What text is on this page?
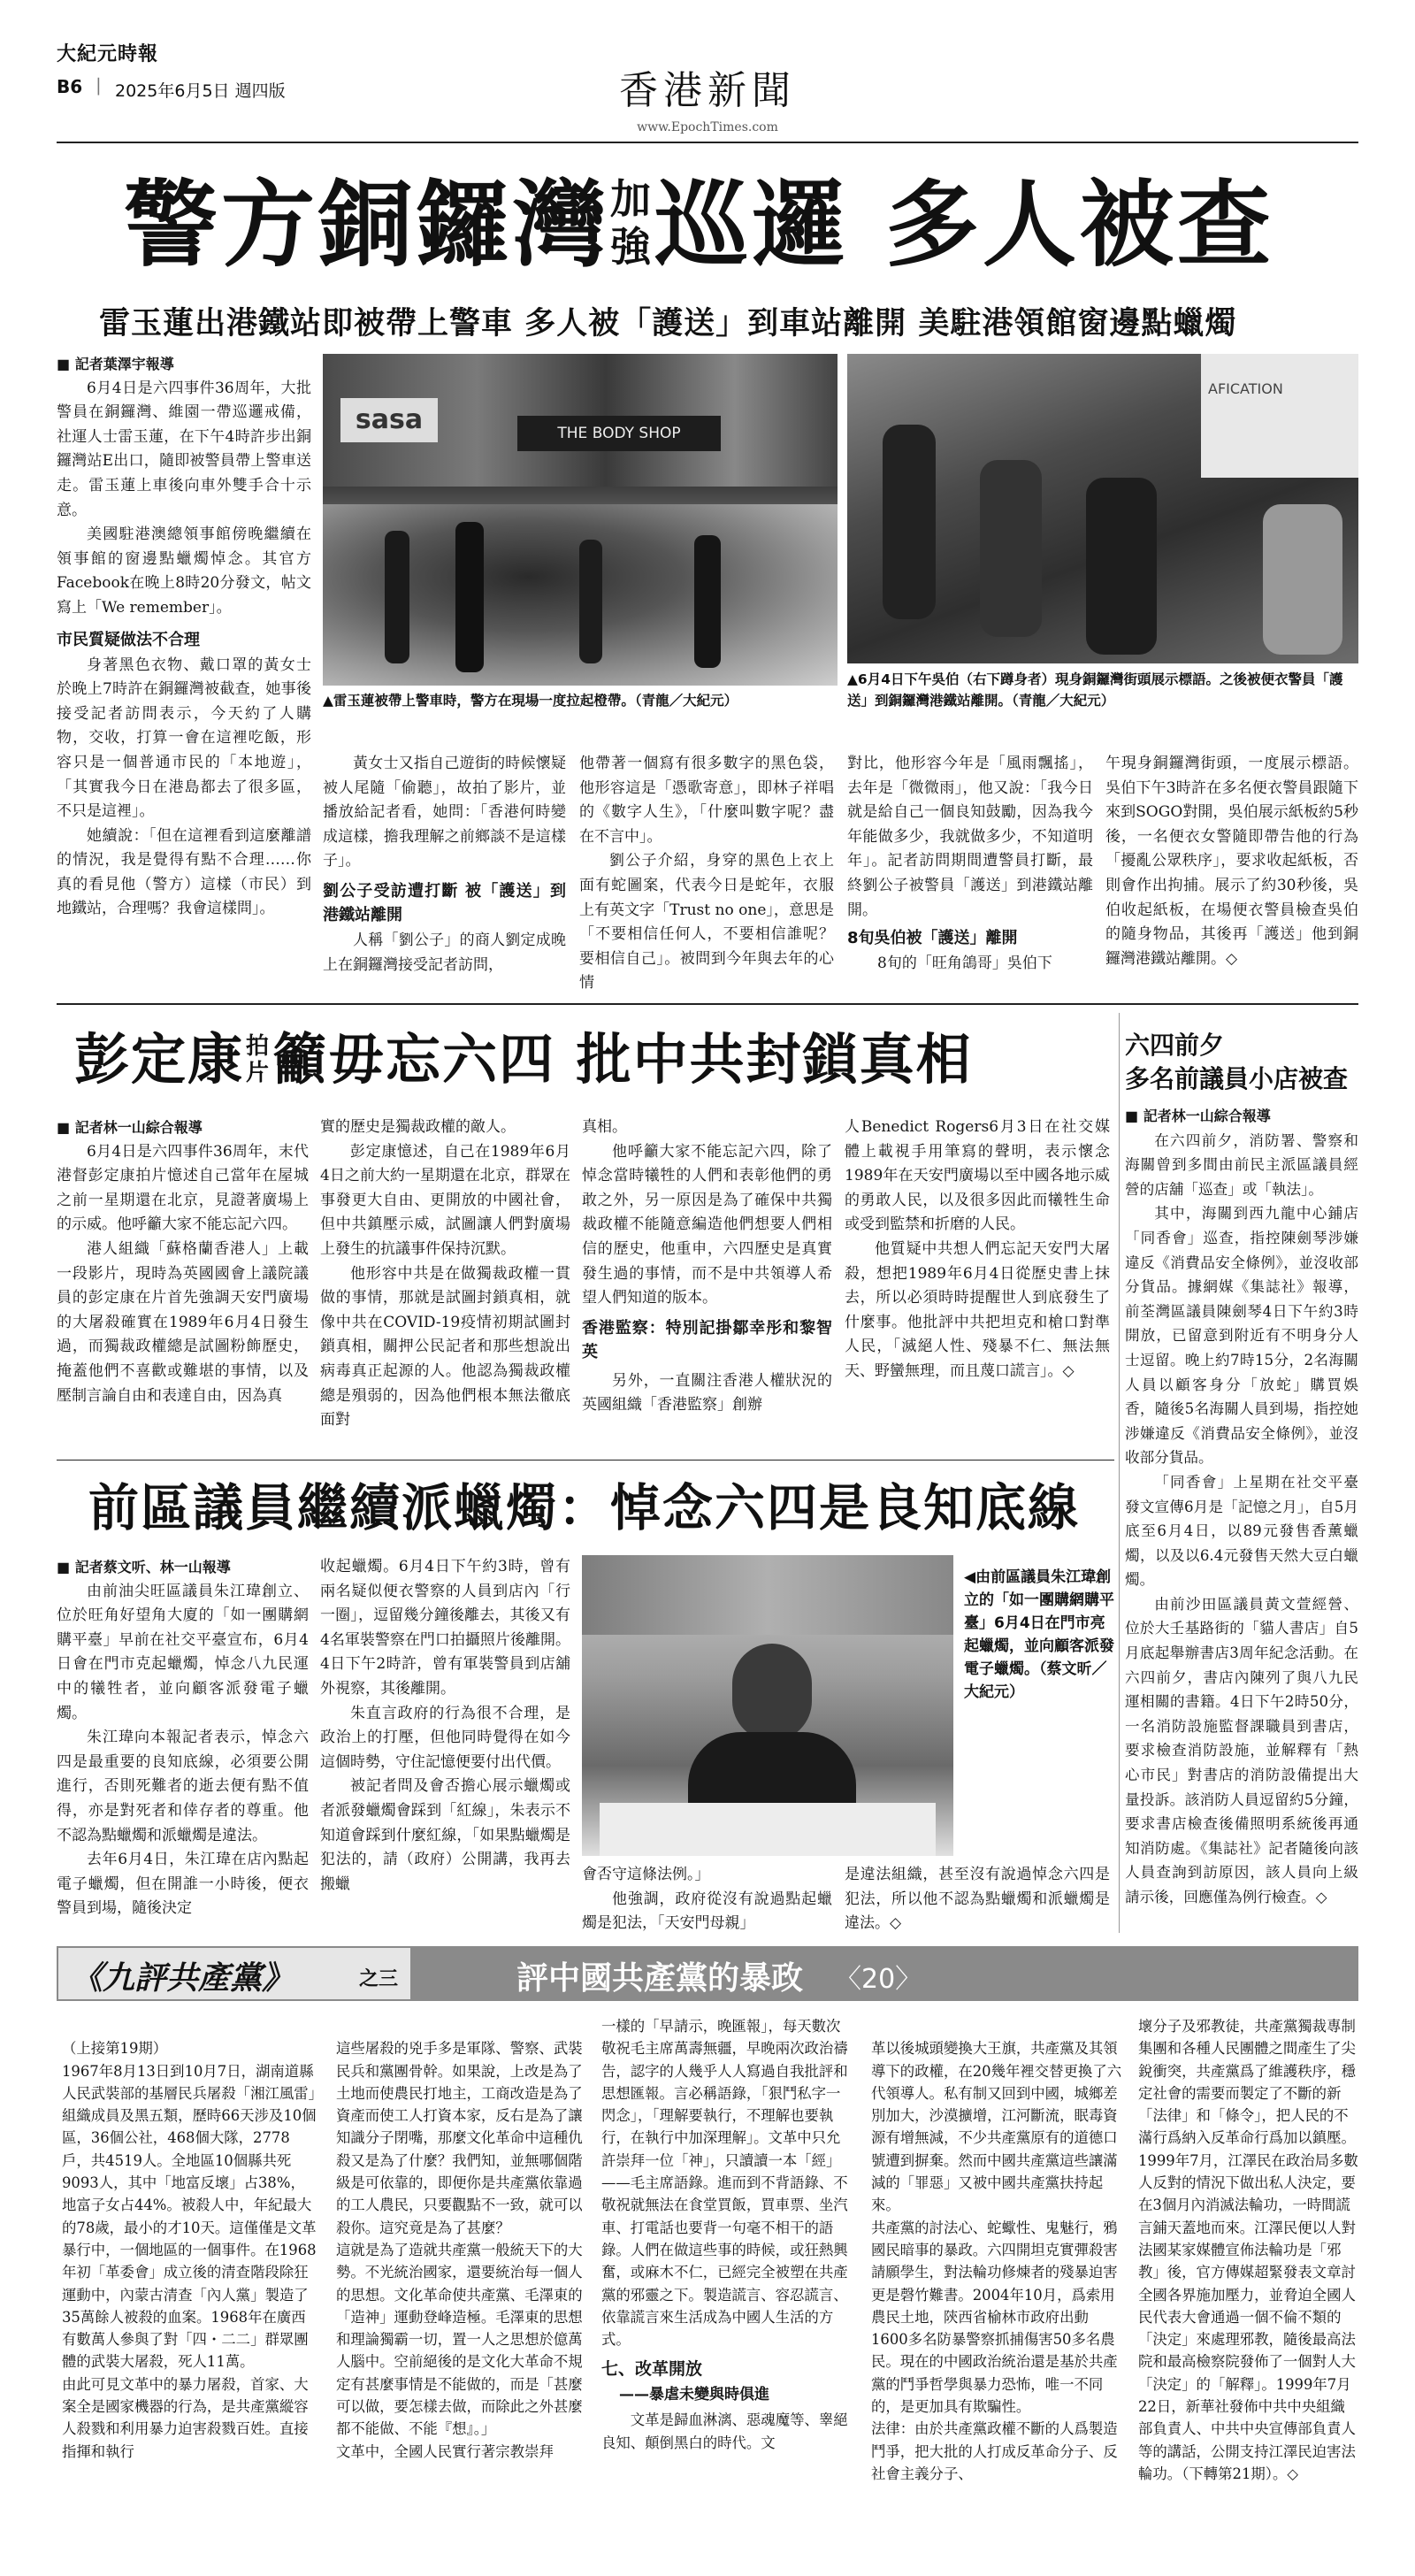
大紀元時報
B6 | 2025年6月5日 週四版	香港新聞
www.EpochTimes.com
警方銅鑼灣加
強巡邏 多人被查
雷玉蓮出港鐵站即被帶上警車 多人被「護送」到車站離開 美駐港領館窗邊點蠟燭
■ 記者葉澤宇報導

6月4日是六四事件36周年，大批警員在銅鑼灣、維園一帶巡邏戒備，社運人士雷玉蓮，在下午4時許步出銅鑼灣站E出口，隨即被警員帶上警車送走。雷玉蓮上車後向車外雙手合十示意。

美國駐港澳總領事館傍晚繼續在領事館的窗邊點蠟燭悼念。其官方Facebook在晚上8時20分發文，帖文寫上「We remember」。

市民質疑做法不合理

身著黑色衣物、戴口罩的黃女士於晚上7時許在銅鑼灣被截查，她事後接受記者訪問表示，今天約了人購物，交收，打算一會在這裡吃飯，形容只是一個普通市民的「本地遊」，「其實我今日在港島都去了很多區，不只是這裡」。

她續說：「但在這裡看到這麼離譜的情況，我是覺得有點不合理……你真的看見他（警方）這樣（市民）到地鐵站，合理嗎？我會這樣問」。

sasa	THE BODY SHOP
▲雷玉蓮被帶上警車時，警方在現場一度拉起橙帶。（青龍／大紀元）
AFICATION
▲6月4日下午吳伯（右下蹲身者）現身銅鑼灣街頭展示標語。之後被便衣警員「護送」到銅鑼灣港鐵站離開。（青龍／大紀元）

黃女士又指自己遊街的時候懷疑被人尾隨「偷聽」，故拍了影片，並播放給記者看，她問：「香港何時變成這樣，擔我理解之前鄉談不是這樣子」。

劉公子受訪遭打斷 被「護送」到港鐵站離開

人稱「劉公子」的商人劉定成晚上在銅鑼灣接受記者訪問，

他帶著一個寫有很多數字的黑色袋，他形容這是「憑歌寄意」，即林子祥唱的《數字人生》，「什麼叫數字呢？盡在不言中」。

劉公子介紹，身穿的黑色上衣上面有蛇圖案，代表今日是蛇年，衣服上有英文字「Trust no one」，意思是「不要相信任何人，不要相信誰呢？要相信自己」。被問到今年與去年的心情

對比，他形容今年是「風雨飄搖」，去年是「微微雨」，他又說：「我今日就是給自己一個良知鼓勵，因為我今年能做多少，我就做多少，不知道明年」。記者訪問期間遭警員打斷，最終劉公子被警員「護送」到港鐵站離開。

8旬吳伯被「護送」離開

8旬的「旺角鴿哥」吳伯下

午現身銅鑼灣街頭，一度展示標語。吳伯下午3時許在多名便衣警員跟隨下來到SOGO對開，吳伯展示紙板約5秒後，一名便衣女警隨即帶告他的行為「擾亂公眾秩序」，要求收起紙板，否則會作出拘捕。展示了約30秒後，吳伯收起紙板，在場便衣警員檢查吳伯的隨身物品，其後再「護送」他到銅鑼灣港鐵站離開。◇

彭定康拍
片籲毋忘六四 批中共封鎖真相
■ 記者林一山綜合報導

6月4日是六四事件36周年，末代港督彭定康拍片憶述自己當年在屋城之前一星期還在北京，見證著廣場上的示威。他呼籲大家不能忘記六四。

港人組織「蘇格蘭香港人」上載一段影片，現時為英國國會上議院議員的彭定康在片首先強調天安門廣場的大屠殺確實在1989年6月4日發生過，而獨裁政權總是試圖粉飾歷史，掩蓋他們不喜歡或難堪的事情，以及壓制言論自由和表達自由，因為真

實的歷史是獨裁政權的敵人。

彭定康憶述，自己在1989年6月4日之前大約一星期還在北京，群眾在事發更大自由、更開放的中國社會，但中共鎮壓示威，試圖讓人們對廣場上發生的抗議事件保持沉默。

他形容中共是在做獨裁政權一貫做的事情，那就是試圖封鎖真相，就像中共在COVID-19疫情初期試圖封鎖真相，關押公民記者和那些想說出病毒真正起源的人。他認為獨裁政權總是殞弱的，因為他們根本無法徹底面對

真相。

他呼籲大家不能忘記六四，除了悼念當時犧牲的人們和表彰他們的勇敢之外，另一原因是為了確保中共獨裁政權不能隨意編造他們想要人們相信的歷史，他重申，六四歷史是真實發生過的事情，而不是中共領導人希望人們知道的版本。

香港監察：特別記掛鄒幸彤和黎智英

另外，一直關注香港人權狀況的英國組織「香港監察」創辦

人Benedict Rogers6月3日在社交媒體上載視手用筆寫的聲明，表示懷念1989年在天安門廣場以至中國各地示威的勇敢人民，以及很多因此而犧牲生命或受到監禁和折磨的人民。

他質疑中共想人們忘記天安門大屠殺，想把1989年6月4日從歷史書上抹去，所以必須時時提醒世人到底發生了什麼事。他批評中共把坦克和槍口對準人民，「滅絕人性、殘暴不仁、無法無天、野蠻無理，而且蔑口謊言」。◇

前區議員繼續派蠟燭：悼念六四是良知底線
■ 記者蔡文听、林一山報導

由前油尖旺區議員朱江瑋創立、位於旺角好望角大廈的「如一團購網購平臺」早前在社交平臺宣布，6月4日會在門市克起蠟燭，悼念八九民運中的犧牲者，並向顧客派發電子蠟燭。

朱江瑋向本報記者表示，悼念六四是最重要的良知底線，必須要公開進行，否則死難者的逝去便有點不值得，亦是對死者和倖存者的尊重。他不認為點蠟燭和派蠟燭是違法。

去年6月4日，朱江瑋在店內點起電子蠟燭，但在開誰一小時後，便衣警員到場，隨後決定

收起蠟燭。6月4日下午約3時，曾有兩名疑似便衣警察的人員到店內「行一圈」，逗留幾分鐘後離去，其後又有4名軍裝警察在門口拍攝照片後離開。4日下午2時許，曾有軍裝警員到店舖外視察，其後離開。

朱直言政府的行為很不合理，是政治上的打壓，但他同時覺得在如今這個時勢，守住記憶便要付出代價。

被記者問及會否擔心展示蠟燭或者派發蠟燭會踩到「紅線」，朱表示不知道會踩到什麼紅線，「如果點蠟燭是犯法的，請（政府）公開講，我再去搬蠟

◀由前區議員朱江瑋創立的「如一團購網購平臺」6月4日在門市亮起蠟燭，並向顧客派發電子蠟燭。（蔡文昕／大紀元）

會否守這條法例。」

他強調，政府從沒有說過點起蠟燭是犯法，「天安門母親」

是違法組織，甚至沒有說過悼念六四是犯法，所以他不認為點蠟燭和派蠟燭是違法。◇

六四前夕
多名前議員小店被查
■ 記者林一山綜合報導

在六四前夕，消防署、警察和海關曾到多間由前民主派區議員經營的店舖「巡查」或「執法」。

其中，海關到西九龍中心鋪店「同香會」巡查，指控陳劍琴涉嫌違反《消費品安全條例》，並沒收部分貨品。據網媒《集誌社》報導，前荃灣區議員陳劍琴4日下午約3時開放，已留意到附近有不明身分人士逗留。晚上約7時15分，2名海關人員以顧客身分「放蛇」購買娛香，隨後5名海關人員到場，指控她涉嫌違反《消費品安全條例》，並沒收部分貨品。

「同香會」上星期在社交平臺發文宣傳6月是「記憶之月」，自5月底至6月4日，以89元發售香薰蠟燭，以及以6.4元發售天然大豆白蠟燭。

由前沙田區議員黃文萱經營、位於大壬基路街的「貓人書店」自5月底起舉辦書店3周年紀念活動。在六四前夕，書店內陳列了與八九民運相關的書籍。4日下午2時50分，一名消防設施監督課職員到書店，要求檢查消防設施，並解釋有「熱心市民」對書店的消防設備提出大量投訴。該消防人員逗留約5分鐘，要求書店檢查後備照明系統後再通知消防處。《集誌社》記者隨後向該人員查詢到訪原因，該人員向上級請示後，回應僅為例行檢查。◇

《九評共產黨》	之三	評中國共產黨的暴政 〈20〉

（上接第19期）
1967年8月13日到10月7日，湖南道縣人民武裝部的基層民兵屠殺「湘江風雷」組織成員及黑五類，歷時66天涉及10個區，36個公社，468個大隊，2778戶，共4519人。全地區10個縣共死9093人，其中「地富反壞」占38%，地富子女占44%。被殺人中，年紀最大的78歲，最小的才10天。這僅僅是文革暴行中，一個地區的一個事件。在1968年初「革委會」成立後的清查階段除狂運動中，內蒙古清查「內人黨」製造了35萬餘人被殺的血案。1968年在廣西有數萬人參與了對「四・二二」群眾團體的武裝大屠殺，死人11萬。
由此可見文革中的暴力屠殺，首家、大案全是國家機器的行為，是共產黨縱容人殺戮和利用暴力迫害殺戮百姓。直接指揮和執行

這些屠殺的兇手多是軍隊、警察、武裝民兵和黨團骨幹。如果說，上改是為了土地而使農民打地主，工商改造是為了資產而使工人打資本家，反右是為了讓知識分子閉嘴，那麼文化革命中這種仇殺又是為了什麼？我們知，並無哪個階級是可依靠的，即便你是共產黨依靠過的工人農民，只要觀點不一致，就可以殺你。這究竟是為了甚麼？
這就是為了造就共產黨一般統天下的大勢。不光統治國家，還要統治每一個人的思想。文化革命使共產黨、毛澤東的「造神」運動登峰造極。毛澤東的思想和理論獨霸一切，置一人之思想於億萬人腦中。空前絕後的是文化大革命不規定有甚麼事情是不能做的，而是「甚麼可以做，要怎樣去做，而除此之外甚麼都不能做、不能『想』。」
文革中，全國人民實行著宗教崇拜

一樣的「早請示，晚匯報」，每天數次敬祝毛主席萬壽無疆，早晚兩次政治禱告，認字的人幾乎人人寫過自我批評和思想匯報。言必稱語錄，「狠鬥私字一閃念」，「理解要執行，不理解也要執行，在執行中加深理解」。文革中只允許崇拜一位「神」，只讀讀一本「經」——毛主席語錄。進而到不背語錄、不敬祝就無法在食堂買飯，買車票、坐汽車、打電話也要背一句毫不相干的語錄。人們在做這些事的時候，或狂熱興奮，或麻木不仁，已經完全被塑在共產黨的邪靈之下。製造謊言、容忍謊言、依靠謊言來生活成為中國人生活的方式。
七、改革開放
——暴虐未變與時俱進
文革是歸血淋漓、惡魂魔等、睾絕良知、顛倒黑白的時代。文

革以後城頭變換大王旗，共產黨及其領導下的政權，在20幾年裡交替更換了六代領導人。私有制又回到中國，城鄉差別加大，沙漠擴增，江河斷流，眠毒資源有增無減，不少共產黨原有的道德口號遭到摒棄。然而中國共產黨這些讓滿減的「罪惡」又被中國共產黨扶持起來。
共產黨的討法心、蛇蠍性、鬼魅行，鴉國民暗事的暴政。六四開坦克實彈殺害請願學生，對法輪功修煉者的殘暴迫害更是磬竹難書。2004年10月，爲索用農民土地，陝西省榆林市政府出動1600多名防暴警察抓捕傷害50多名農民。現在的中國政治統治還是基於共產黨的鬥爭哲學與暴力恐怖，唯一不同的，是更加具有欺騙性。
法律：由於共產黨政權不斷的人爲製造鬥爭，把大批的人打成反革命分子、反社會主義分子、

壞分子及邪教徒，共產黨獨裁專制集團和各種人民團體之間產生了尖銳衝突，共產黨爲了維護秩序，穩定社會的需要而製定了不斷的新「法律」和「條令」，把人民的不滿行爲納入反革命行爲加以鎮壓。1999年7月，江澤民在政治局多數人反對的情況下做出私人決定，要在3個月內消滅法輪功，一時間謊言鋪天蓋地而來。江澤民便以人對法國某家媒體宣佈法輪功是「邪教」後，官方傳媒超緊發表文章討全國各界施加壓力，並脅迫全國人民代表大會通過一個不倫不類的「決定」來處理邪教，隨後最高法院和最高檢察院發佈了一個對人大「決定」的「解釋」。1999年7月22日，新華社發佈中共中央組織部負責人、中共中央宣傳部負責人等的講話，公開支持江澤民迫害法輪功。（下轉第21期）。◇
